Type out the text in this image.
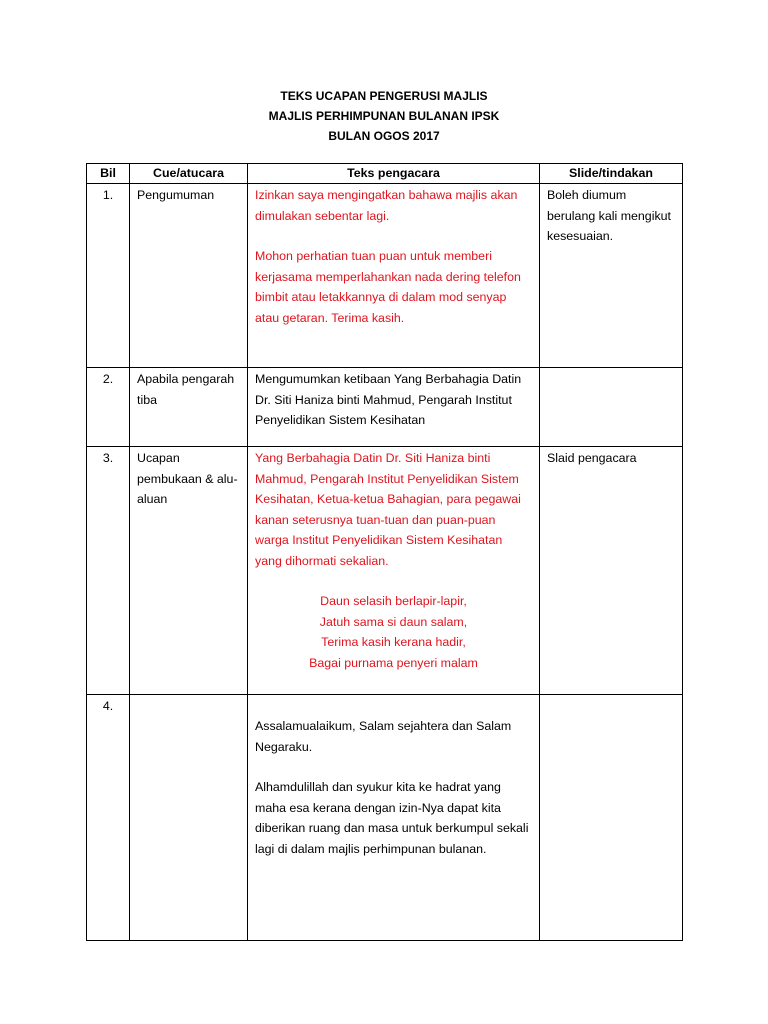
TEKS UCAPAN PENGERUSI MAJLIS
MAJLIS PERHIMPUNAN BULANAN IPSK
BULAN OGOS 2017
Bil	Cue/atucara	Teks pengacara	Slide/tindakan
1.	Pengumuman	Izinkan saya mengingatkan bahawa majlis akan dimulakan sebentar lagi.

Mohon perhatian tuan puan untuk memberi kerjasama memperlahankan nada dering telefon bimbit atau letakkannya di dalam mod senyap atau getaran. Terima kasih.	Boleh diumum berulang kali mengikut kesesuaian.
2.	Apabila pengarah tiba	Mengumumkan ketibaan Yang Berbahagia Datin Dr. Siti Haniza binti Mahmud, Pengarah Institut Penyelidikan Sistem Kesihatan	

3.	Ucapan pembukaan & alu-aluan	Yang Berbahagia Datin Dr. Siti Haniza binti Mahmud, Pengarah Institut Penyelidikan Sistem Kesihatan, Ketua-ketua Bahagian, para pegawai kanan seterusnya tuan-tuan dan puan-puan warga Institut Penyelidikan Sistem Kesihatan yang dihormati sekalian.

Daun selasih berlapir-lapir,
Jatuh sama si daun salam,
Terima kasih kerana hadir,
Bagai purnama penyeri malam	Slaid pengacara
4.		Assalamualaikum, Salam sejahtera dan Salam Negaraku.

Alhamdulillah dan syukur kita ke hadrat yang maha esa kerana dengan izin-Nya dapat kita diberikan ruang dan masa untuk berkumpul sekali lagi di dalam majlis perhimpunan bulanan.	
